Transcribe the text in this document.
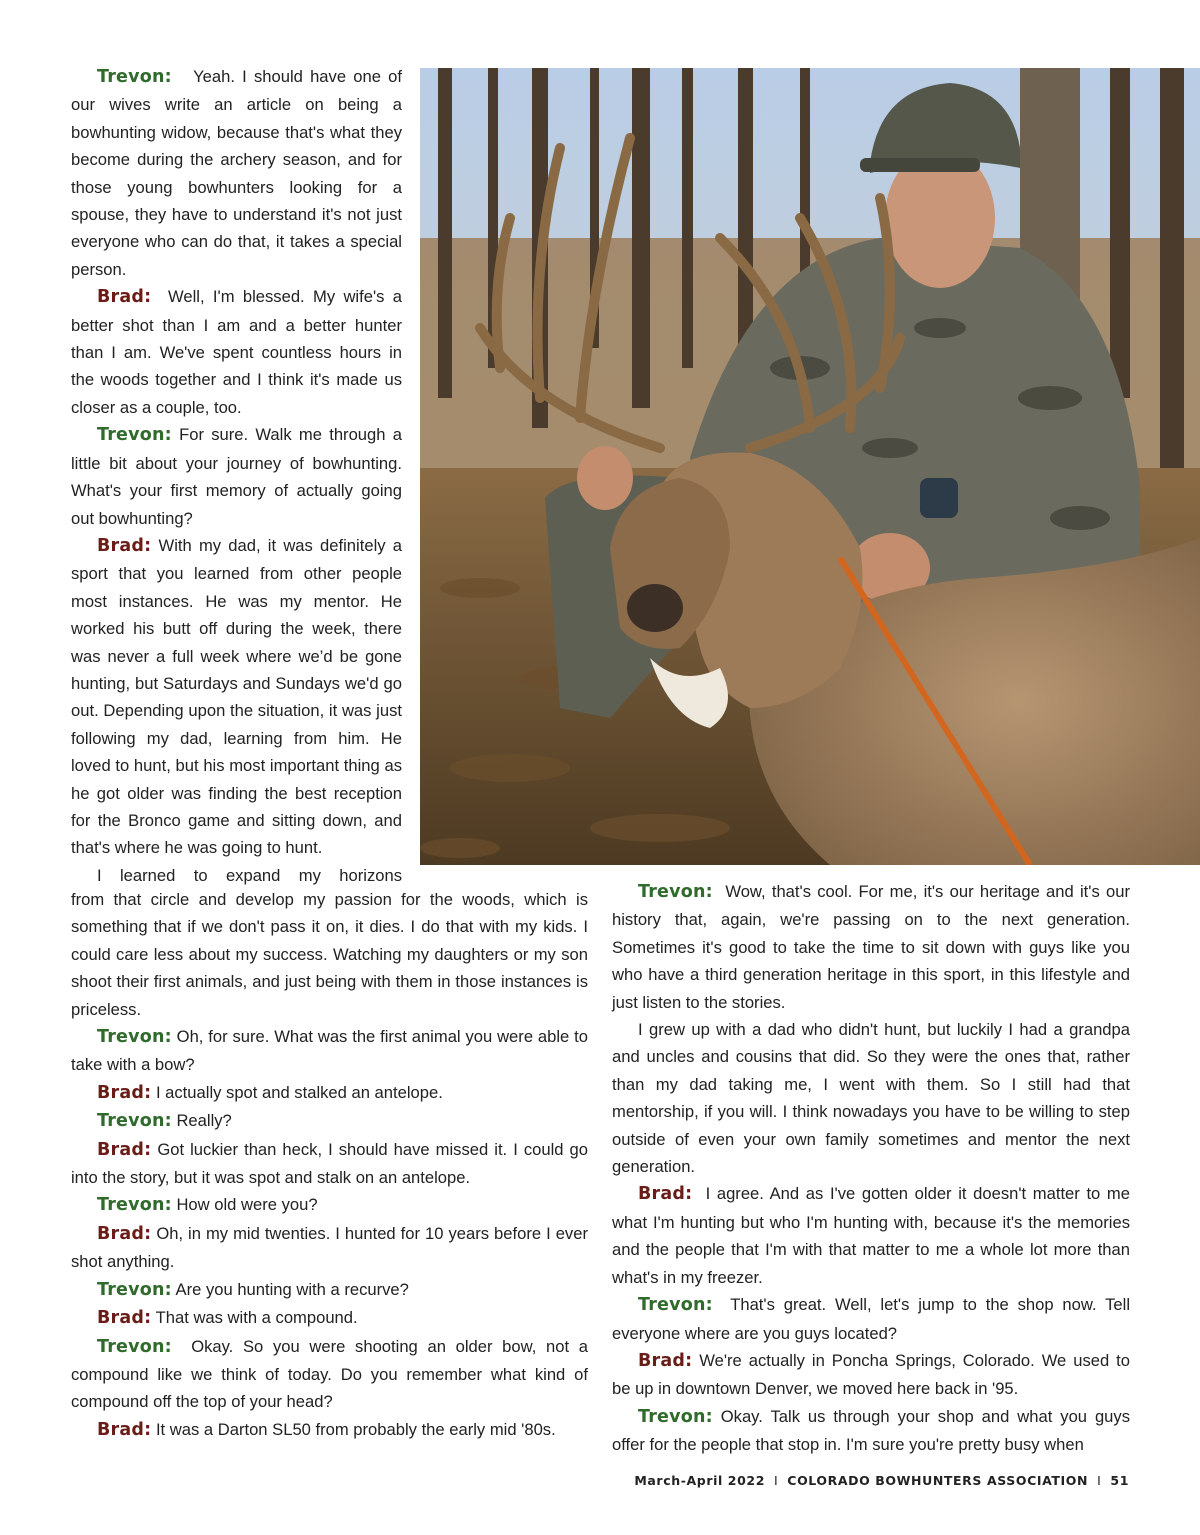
Trevon: Yeah. I should have one of our wives write an article on being a bowhunting widow, because that's what they become during the archery season, and for those young bowhunters looking for a spouse, they have to understand it's not just everyone who can do that, it takes a special person.

Brad: Well, I'm blessed. My wife's a better shot than I am and a better hunter than I am. We've spent countless hours in the woods together and I think it's made us closer as a couple, too.

Trevon: For sure. Walk me through a little bit about your journey of bowhunting. What's your first memory of actually going out bowhunting?

Brad: With my dad, it was definitely a sport that you learned from other people most instances. He was my mentor. He worked his butt off during the week, there was never a full week where we’d be gone hunting, but Saturdays and Sundays we'd go out. Depending upon the situation, it was just following my dad, learning from him. He loved to hunt, but his most important thing as he got older was finding the best reception for the Bronco game and sitting down, and that's where he was going to hunt.

I learned to expand my horizons

from that circle and develop my passion for the woods, which is something that if we don't pass it on, it dies. I do that with my kids. I could care less about my success. Watching my daughters or my son shoot their first animals, and just being with them in those instances is priceless.

Trevon: Oh, for sure. What was the first animal you were able to take with a bow?

Brad: I actually spot and stalked an antelope.

Trevon: Really?

Brad: Got luckier than heck, I should have missed it. I could go into the story, but it was spot and stalk on an antelope.

Trevon: How old were you?

Brad: Oh, in my mid twenties. I hunted for 10 years before I ever shot anything.

Trevon: Are you hunting with a recurve?

Brad: That was with a compound.

Trevon: Okay. So you were shooting an older bow, not a compound like we think of today. Do you remember what kind of compound off the top of your head?

Brad: It was a Darton SL50 from probably the early mid '80s.

Trevon: Wow, that's cool. For me, it's our heritage and it's our history that, again, we're passing on to the next generation. Sometimes it's good to take the time to sit down with guys like you who have a third generation heritage in this sport, in this lifestyle and just listen to the stories.

I grew up with a dad who didn't hunt, but luckily I had a grandpa and uncles and cousins that did. So they were the ones that, rather than my dad taking me, I went with them. So I still had that mentorship, if you will. I think nowadays you have to be willing to step outside of even your own family sometimes and mentor the next generation.

Brad: I agree. And as I've gotten older it doesn't matter to me what I'm hunting but who I'm hunting with, because it's the memories and the people that I'm with that matter to me a whole lot more than what's in my freezer.

Trevon: That's great. Well, let's jump to the shop now. Tell everyone where are you guys located?

Brad: We're actually in Poncha Springs, Colorado. We used to be up in downtown Denver, we moved here back in '95.

Trevon: Okay. Talk us through your shop and what you guys offer for the people that stop in. I'm sure you're pretty busy when

March-April 2022 I COLORADO BOWHUNTERS ASSOCIATION I 51
